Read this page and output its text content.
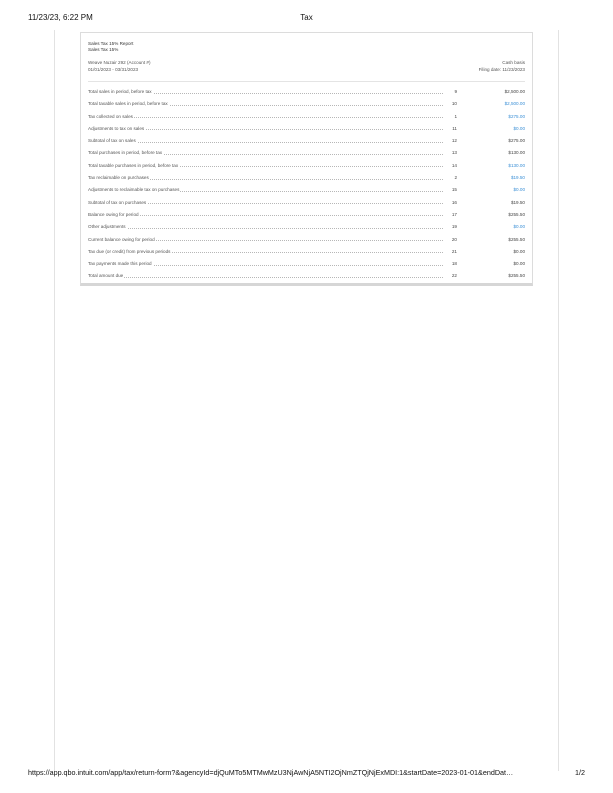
11/23/23, 6:22 PM	Tax
Sales Tax 15% Report
Sales Tax 15%
Weave Nuzair 292 (Account #)	Cash basis
01/01/2023 - 03/31/2023	Filing date: 11/23/2023
Total sales in period, before tax	9	$2,500.00
Total taxable sales in period, before tax	10	$2,500.00
Tax collected on sales	1	$275.00
Adjustments to tax on sales	11	$0.00
Subtotal of tax on sales	12	$275.00
Total purchases in period, before tax	13	$130.00
Total taxable purchases in period, before tax	14	$130.00
Tax reclaimable on purchases	2	$19.50
Adjustments to reclaimable tax on purchases	15	$0.00
Subtotal of tax on purchases	16	$19.50
Balance owing for period	17	$255.50
Other adjustments	19	$0.00
Current balance owing for period	20	$255.50
Tax due (or credit) from previous periods	21	$0.00
Tax payments made this period	18	$0.00
Total amount due	22	$255.50
https://app.qbo.intuit.com/app/tax/return-form?&agencyId=djQuMTo5MTMwMzU3NjAwNjA5NTI2OjNmZTQjNjExMDI:1&startDate=2023-01-01&endDat…	1/2
